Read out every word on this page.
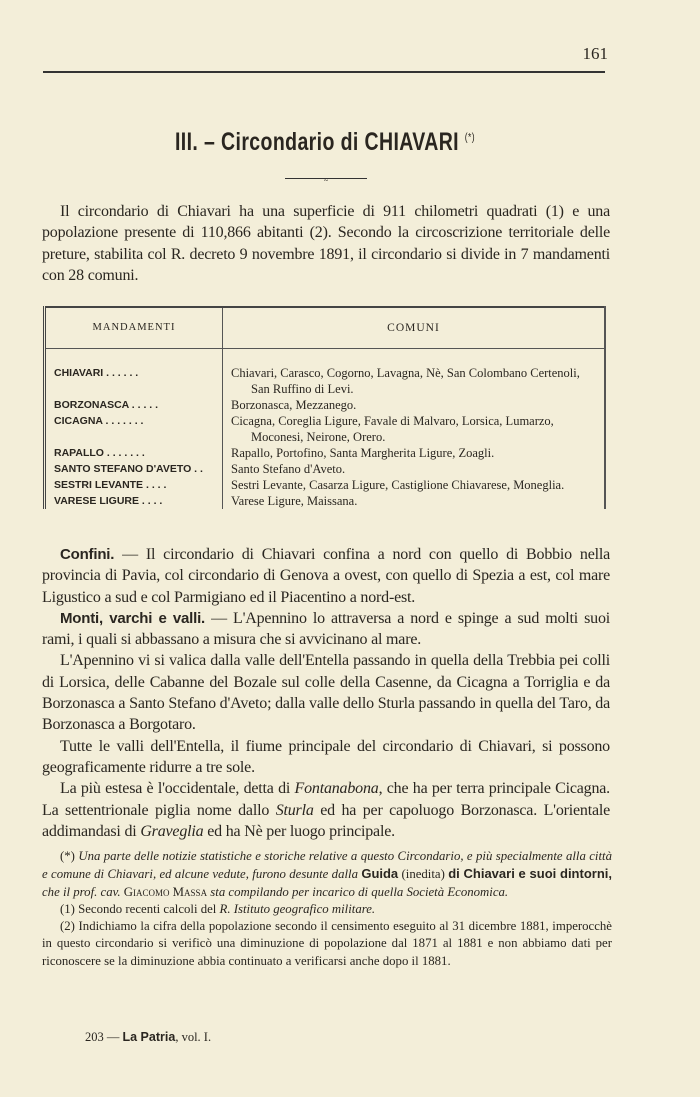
161
III. – Circondario di CHIAVARI (*)
~

Il circondario di Chiavari ha una superficie di 911 chilometri quadrati (1) e una popolazione presente di 110,866 abitanti (2). Secondo la circoscrizione territoriale delle preture, stabilita col R. decreto 9 novembre 1891, il circondario si divide in 7 mandamenti con 28 comuni.

MANDAMENTI	COMUNI
CHIAVARI . . . . . .	Chiavari, Carasco, Cogorno, Lavagna, Nè, San Colombano Certenoli, San Ruffino di Levi.

BORZONASCA . . . . .	Borzonasca, Mezzanego.

CICAGNA . . . . . . .	Cicagna, Coreglia Ligure, Favale di Malvaro, Lorsica, Lumarzo, Moconesi, Neirone, Orero.

RAPALLO . . . . . . .	Rapallo, Portofino, Santa Margherita Ligure, Zoagli.

SANTO STEFANO D'AVETO . .	Santo Stefano d'Aveto.

SESTRI LEVANTE . . . .	Sestri Levante, Casarza Ligure, Castiglione Chiavarese, Moneglia.

VARESE LIGURE . . . .	Varese Ligure, Maissana.

Confini. — Il circondario di Chiavari confina a nord con quello di Bobbio nella provincia di Pavia, col circondario di Genova a ovest, con quello di Spezia a est, col mare Ligustico a sud e col Parmigiano ed il Piacentino a nord-est.

Monti, varchi e valli. — L'Apennino lo attraversa a nord e spinge a sud molti suoi rami, i quali si abbassano a misura che si avvicinano al mare.

L'Apennino vi si valica dalla valle dell'Entella passando in quella della Trebbia pei colli di Lorsica, delle Cabanne del Bozale sul colle della Casenne, da Cicagna a Torriglia e da Borzonasca a Santo Stefano d'Aveto; dalla valle dello Sturla passando in quella del Taro, da Borzonasca a Borgotaro.

Tutte le valli dell'Entella, il fiume principale del circondario di Chiavari, si possono geograficamente ridurre a tre sole.

La più estesa è l'occidentale, detta di Fontanabona, che ha per terra principale Cicagna. La settentrionale piglia nome dallo Sturla ed ha per capoluogo Borzonasca. L'orientale addimandasi di Graveglia ed ha Nè per luogo principale.

(*) Una parte delle notizie statistiche e storiche relative a questo Circondario, e più specialmente alla città e comune di Chiavari, ed alcune vedute, furono desunte dalla Guida (inedita) di Chiavari e suoi dintorni, che il prof. cav. Giacomo Massa sta compilando per incarico di quella Società Economica.

(1) Secondo recenti calcoli del R. Istituto geografico militare.

(2) Indichiamo la cifra della popolazione secondo il censimento eseguito al 31 dicembre 1881, imperocchè in questo circondario si verificò una diminuzione di popolazione dal 1871 al 1881 e non abbiamo dati per riconoscere se la diminuzione abbia continuato a verificarsi anche dopo il 1881.

203 — La Patria, vol. I.
